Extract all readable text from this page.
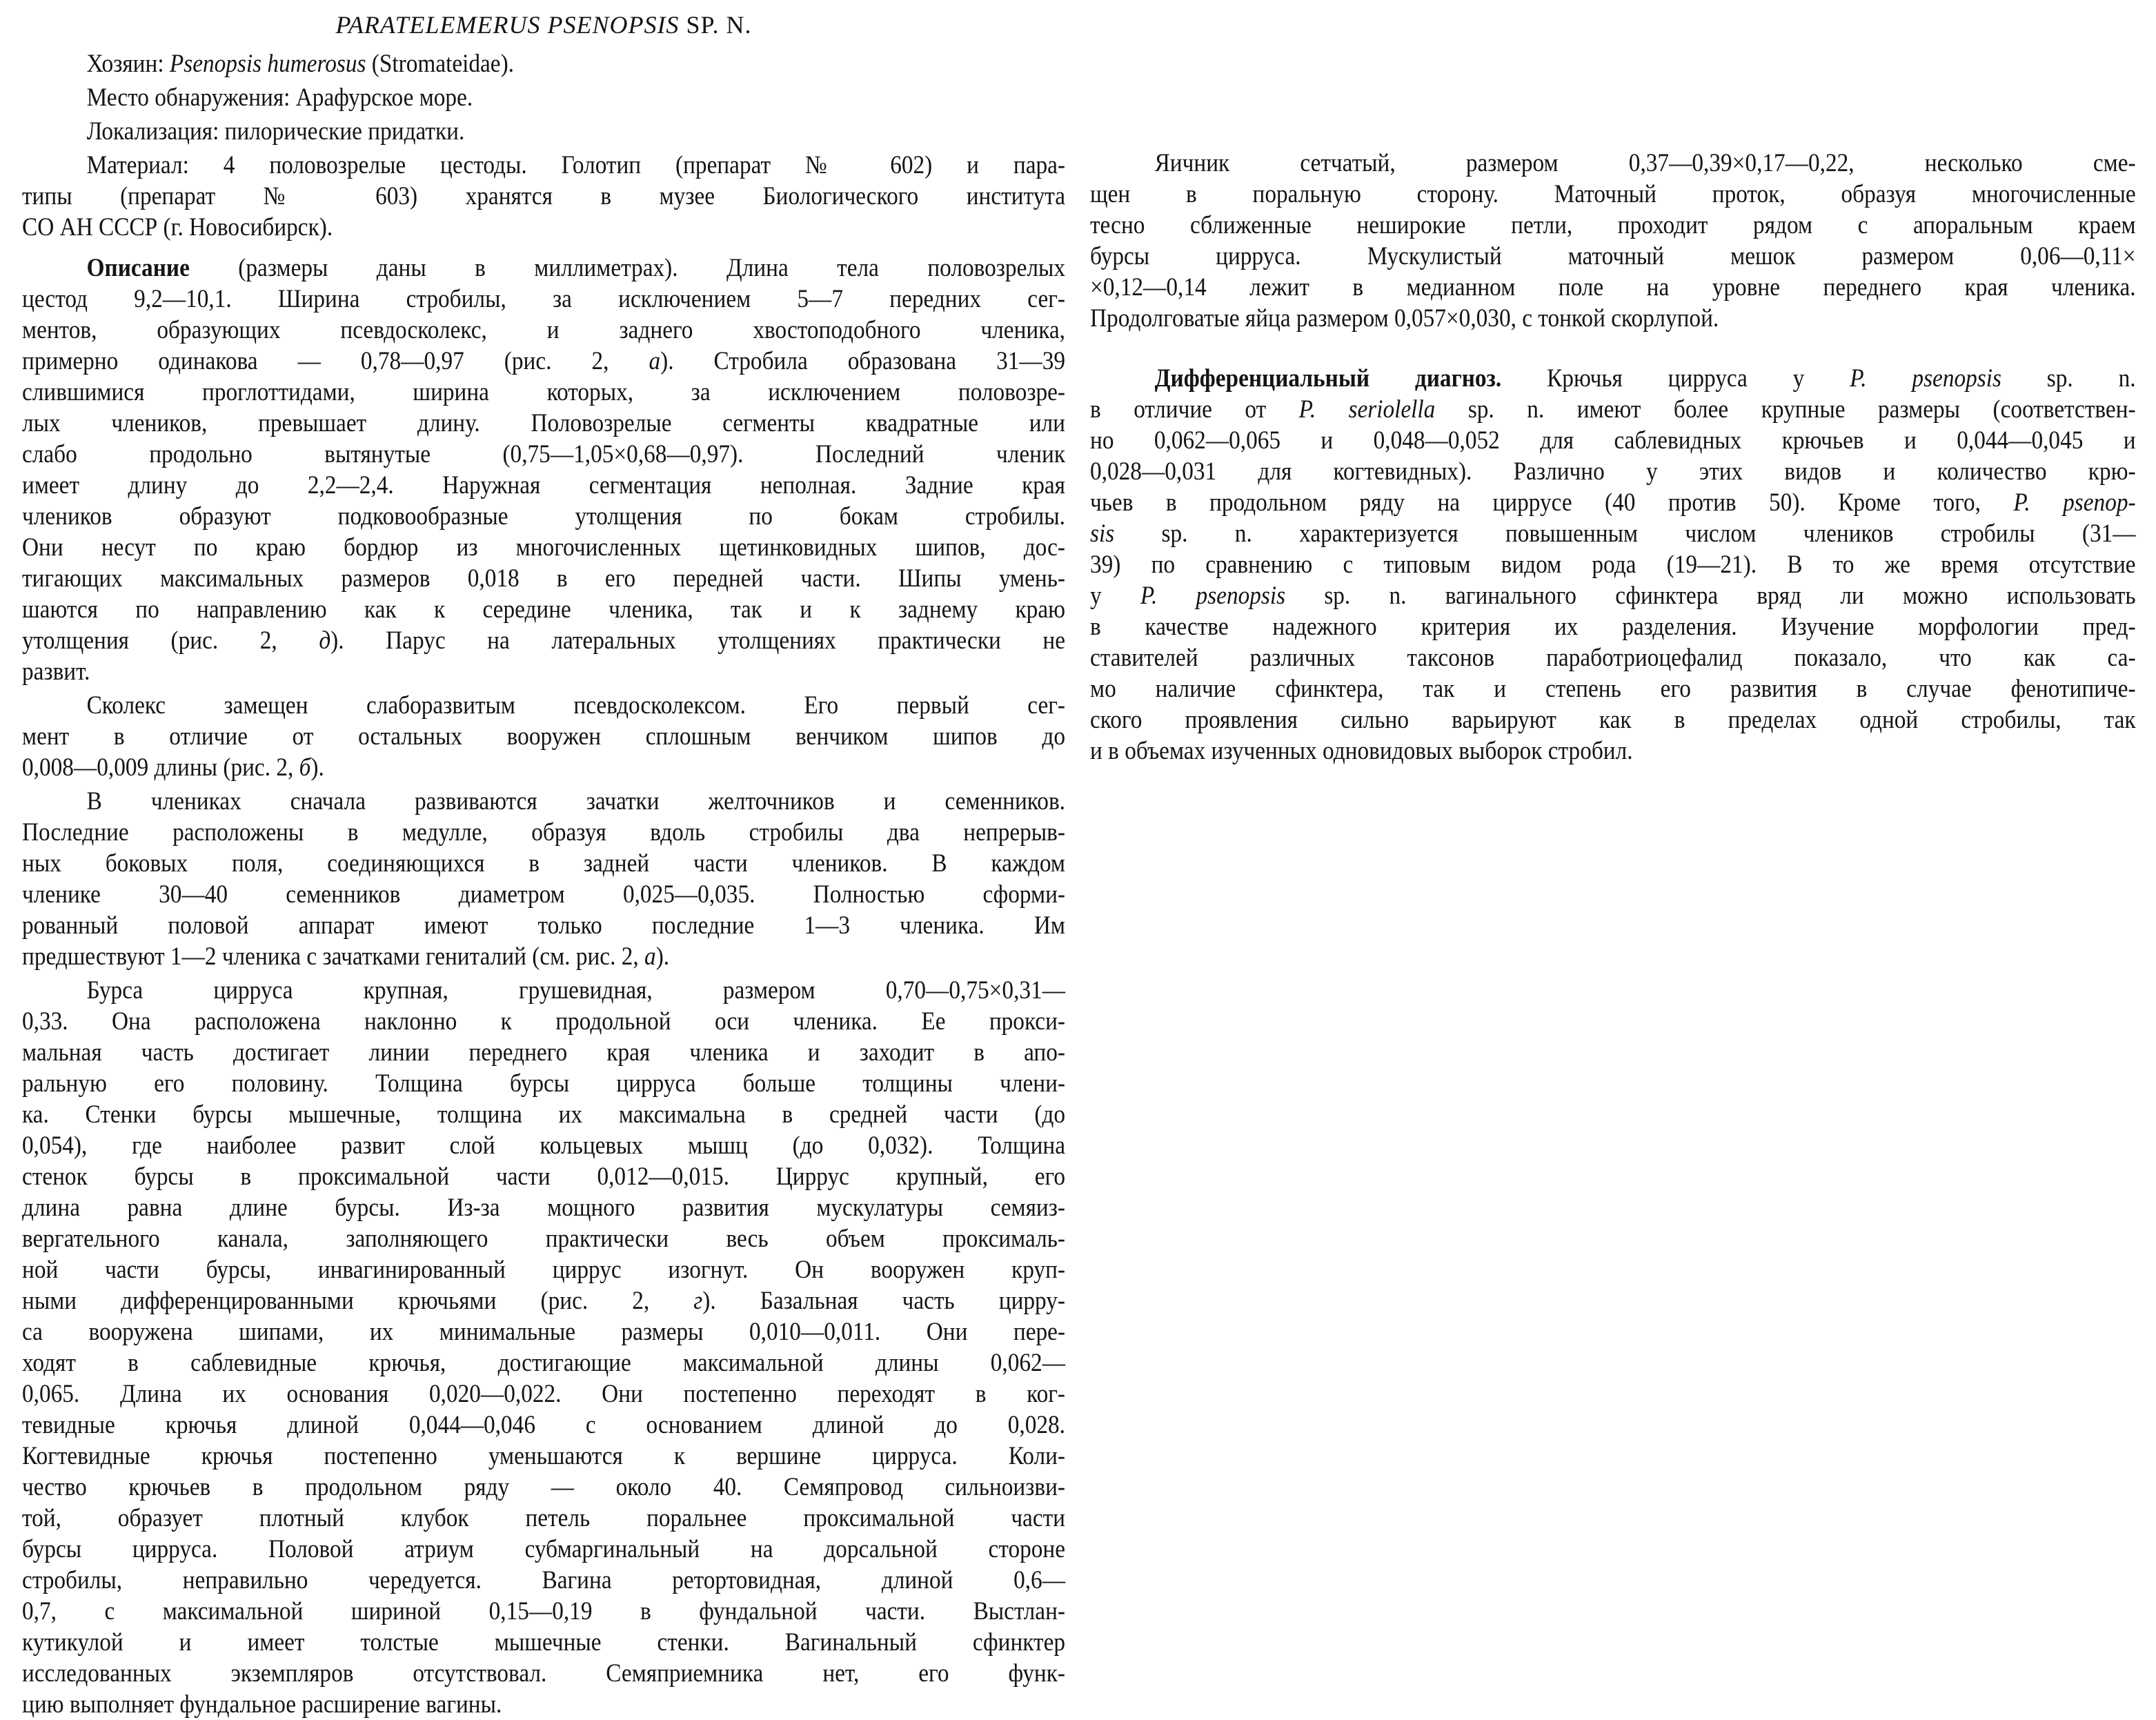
PARATELEMERUS PSENOPSIS SP. N.
Хозяин: Psenopsis humerosus (Stromateidae).
Место обнаружения: Арафурское море.
Локализация: пилорические придатки.
Материал: 4 половозрелые цестоды. Голотип (препарат № 602) и пара-
типы (препарат № 603) хранятся в музее Биологического института
СО АН СССР (г. Новосибирск).
Описание (размеры даны в миллиметрах). Длина тела половозрелых
цестод 9,2—10,1. Ширина стробилы, за исключением 5—7 передних сег-
ментов, образующих псевдосколекс, и заднего хвостоподобного членика,
примерно одинакова — 0,78—0,97 (рис. 2, а). Стробила образована 31—39
слившимися проглоттидами, ширина которых, за исключением половозре-
лых члеников, превышает длину. Половозрелые сегменты квадратные или
слабо продольно вытянутые (0,75—1,05×0,68—0,97). Последний членик
имеет длину до 2,2—2,4. Наружная сегментация неполная. Задние края
члеников образуют подковообразные утолщения по бокам стробилы.
Они несут по краю бордюр из многочисленных щетинковидных шипов, дос-
тигающих максимальных размеров 0,018 в его передней части. Шипы умень-
шаются по направлению как к середине членика, так и к заднему краю
утолщения (рис. 2, д). Парус на латеральных утолщениях практически не
развит.
Сколекс замещен слаборазвитым псевдосколексом. Его первый сег-
мент в отличие от остальных вооружен сплошным венчиком шипов до
0,008—0,009 длины (рис. 2, б).
В члениках сначала развиваются зачатки желточников и семенников.
Последние расположены в медулле, образуя вдоль стробилы два непрерыв-
ных боковых поля, соединяющихся в задней части члеников. В каждом
членике 30—40 семенников диаметром 0,025—0,035. Полностью сформи-
рованный половой аппарат имеют только последние 1—3 членика. Им
предшествуют 1—2 членика с зачатками гениталий (см. рис. 2, а).
Бурса цирруса крупная, грушевидная, размером 0,70—0,75×0,31—
0,33. Она расположена наклонно к продольной оси членика. Ее прокси-
мальная часть достигает линии переднего края членика и заходит в апо-
ральную его половину. Толщина бурсы цирруса больше толщины члени-
ка. Стенки бурсы мышечные, толщина их максимальна в средней части (до
0,054), где наиболее развит слой кольцевых мышц (до 0,032). Толщина
стенок бурсы в проксимальной части 0,012—0,015. Циррус крупный, его
длина равна длине бурсы. Из-за мощного развития мускулатуры семяиз-
вергательного канала, заполняющего практически весь объем проксималь-
ной части бурсы, инвагинированный циррус изогнут. Он вооружен круп-
ными дифференцированными крючьями (рис. 2, г). Базальная часть цирру-
са вооружена шипами, их минимальные размеры 0,010—0,011. Они пере-
ходят в саблевидные крючья, достигающие максимальной длины 0,062—
0,065. Длина их основания 0,020—0,022. Они постепенно переходят в ког-
тевидные крючья длиной 0,044—0,046 с основанием длиной до 0,028.
Когтевидные крючья постепенно уменьшаются к вершине цирруса. Коли-
чество крючьев в продольном ряду — около 40. Семяпровод сильноизви-
той, образует плотный клубок петель поральнее проксимальной части
бурсы цирруса. Половой атриум субмаргинальный на дорсальной стороне
стробилы, неправильно чередуется. Вагина ретортовидная, длиной 0,6—
0,7, с максимальной шириной 0,15—0,19 в фундальной части. Выстлан-
кутикулой и имеет толстые мышечные стенки. Вагинальный сфинктер
исследованных экземпляров отсутствовал. Семяприемника нет, его функ-
цию выполняет фундальное расширение вагины.
Яичник сетчатый, размером 0,37—0,39×0,17—0,22, несколько сме-
щен в поральную сторону. Маточный проток, образуя многочисленные
тесно сближенные неширокие петли, проходит рядом с апоральным краем
бурсы цирруса. Мускулистый маточный мешок размером 0,06—0,11×
×0,12—0,14 лежит в медианном поле на уровне переднего края членика.
Продолговатые яйца размером 0,057×0,030, с тонкой скорлупой.
Дифференциальный диагноз. Крючья цирруса у P. psenopsis sp. n.
в отличие от P. seriolella sp. n. имеют более крупные размеры (соответствен-
но 0,062—0,065 и 0,048—0,052 для саблевидных крючьев и 0,044—0,045 и
0,028—0,031 для когтевидных). Различно у этих видов и количество крю-
чьев в продольном ряду на циррусе (40 против 50). Кроме того, P. psenop-
sis sp. n. характеризуется повышенным числом члеников стробилы (31—
39) по сравнению с типовым видом рода (19—21). В то же время отсутствие
у P. psenopsis sp. n. вагинального сфинктера вряд ли можно использовать
в качестве надежного критерия их разделения. Изучение морфологии пред-
ставителей различных таксонов паработриоцефалид показало, что как са-
мо наличие сфинктера, так и степень его развития в случае фенотипиче-
ского проявления сильно варьируют как в пределах одной стробилы, так
и в объемах изученных одновидовых выборок стробил.
